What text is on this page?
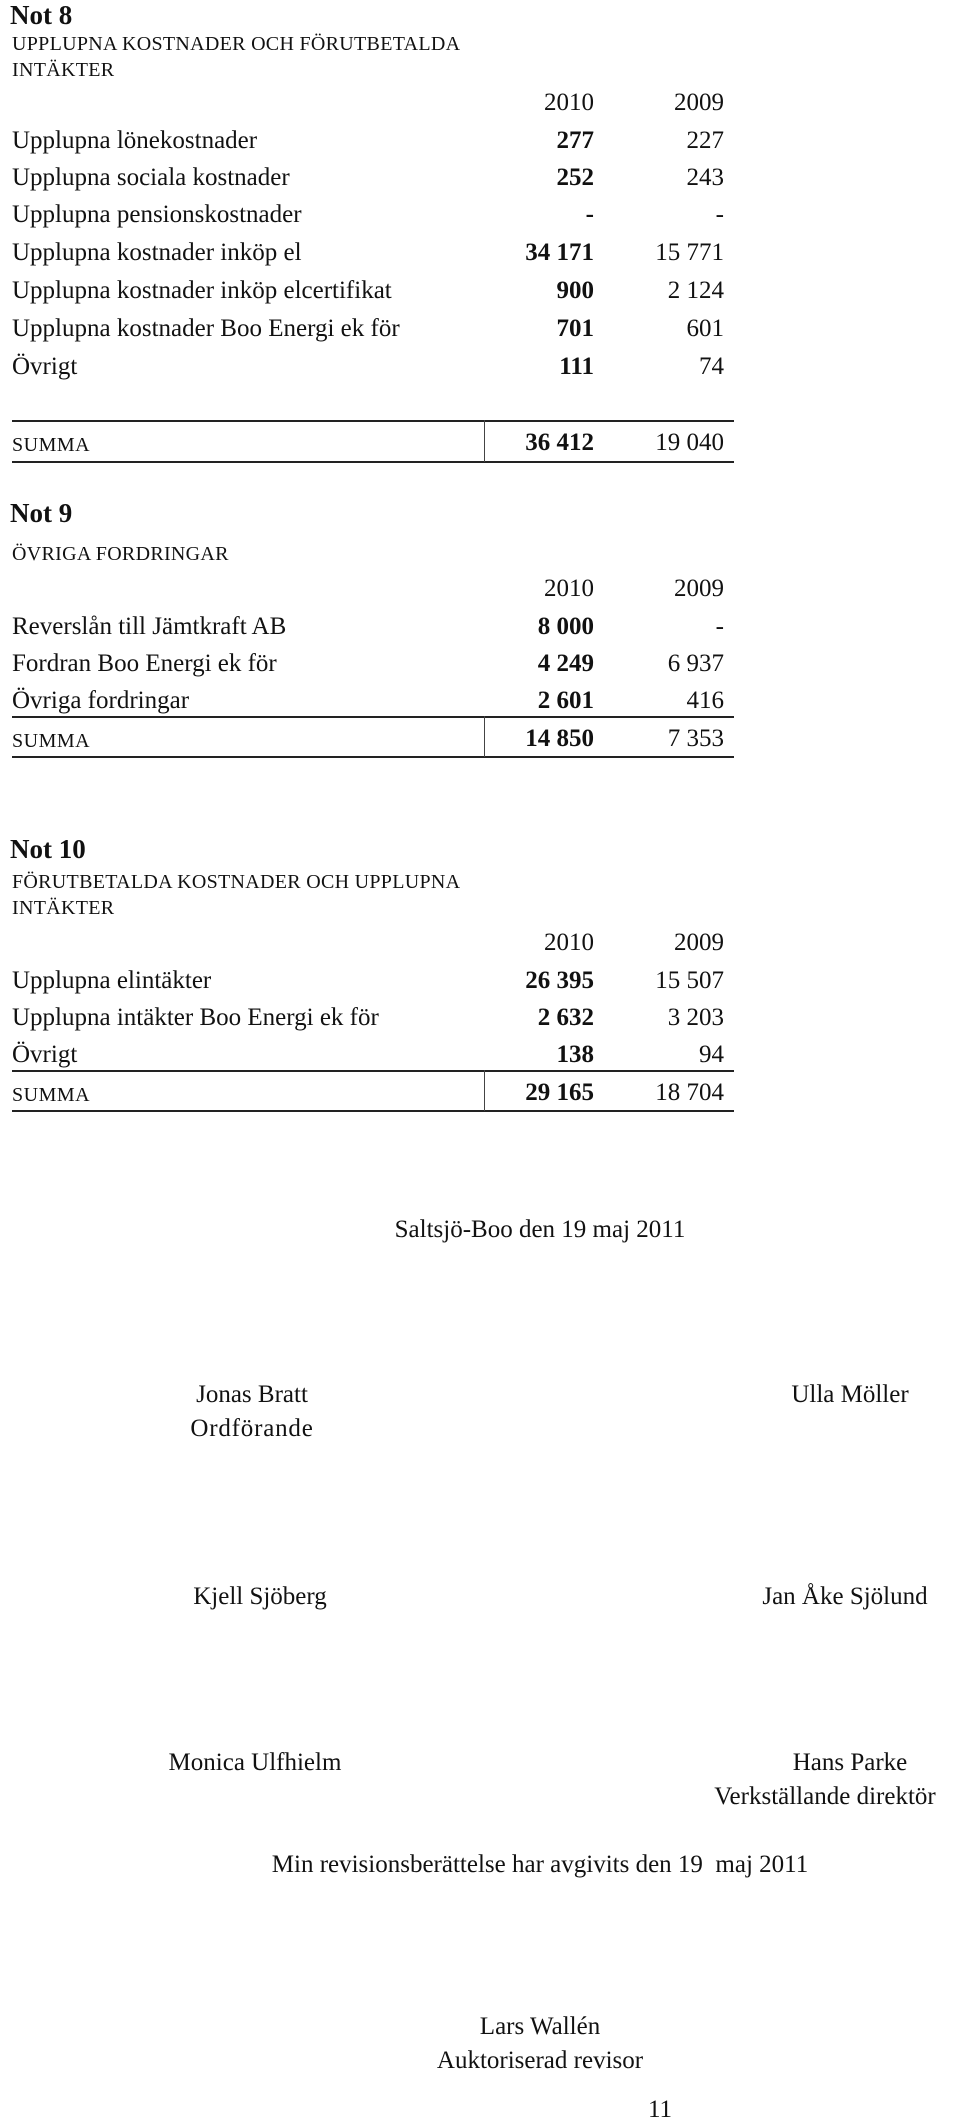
Not 8
UPPLUPNA KOSTNADER OCH FÖRUTBETALDA
INTÄKTER
2010	2009
Upplupna lönekostnader	277	227
Upplupna sociala kostnader	252	243
Upplupna pensionskostnader	-	-
Upplupna kostnader inköp el	34 171	15 771
Upplupna kostnader inköp elcertifikat	900	2 124
Upplupna kostnader Boo Energi ek för	701	601
Övrigt	111	74
SUMMA	36 412	19 040
Not 9
ÖVRIGA FORDRINGAR
2010	2009
Reverslån till Jämtkraft AB	8 000	-
Fordran Boo Energi ek för	4 249	6 937
Övriga fordringar	2 601	416
SUMMA	14 850	7 353
Not 10
FÖRUTBETALDA KOSTNADER OCH UPPLUPNA
INTÄKTER
2010	2009
Upplupna elintäkter	26 395	15 507
Upplupna intäkter Boo Energi ek för	2 632	3 203
Övrigt	138	94
SUMMA	29 165	18 704
Saltsjö-Boo den 19 maj 2011
Jonas Bratt
Ordförande
Ulla Möller
Kjell Sjöberg	Jan Åke Sjölund
Monica Ulfhielm	Hans Parke
Verkställande direktör
Min revisionsberättelse har avgivits den 19  maj 2011
Lars Wallén
Auktoriserad revisor
11
